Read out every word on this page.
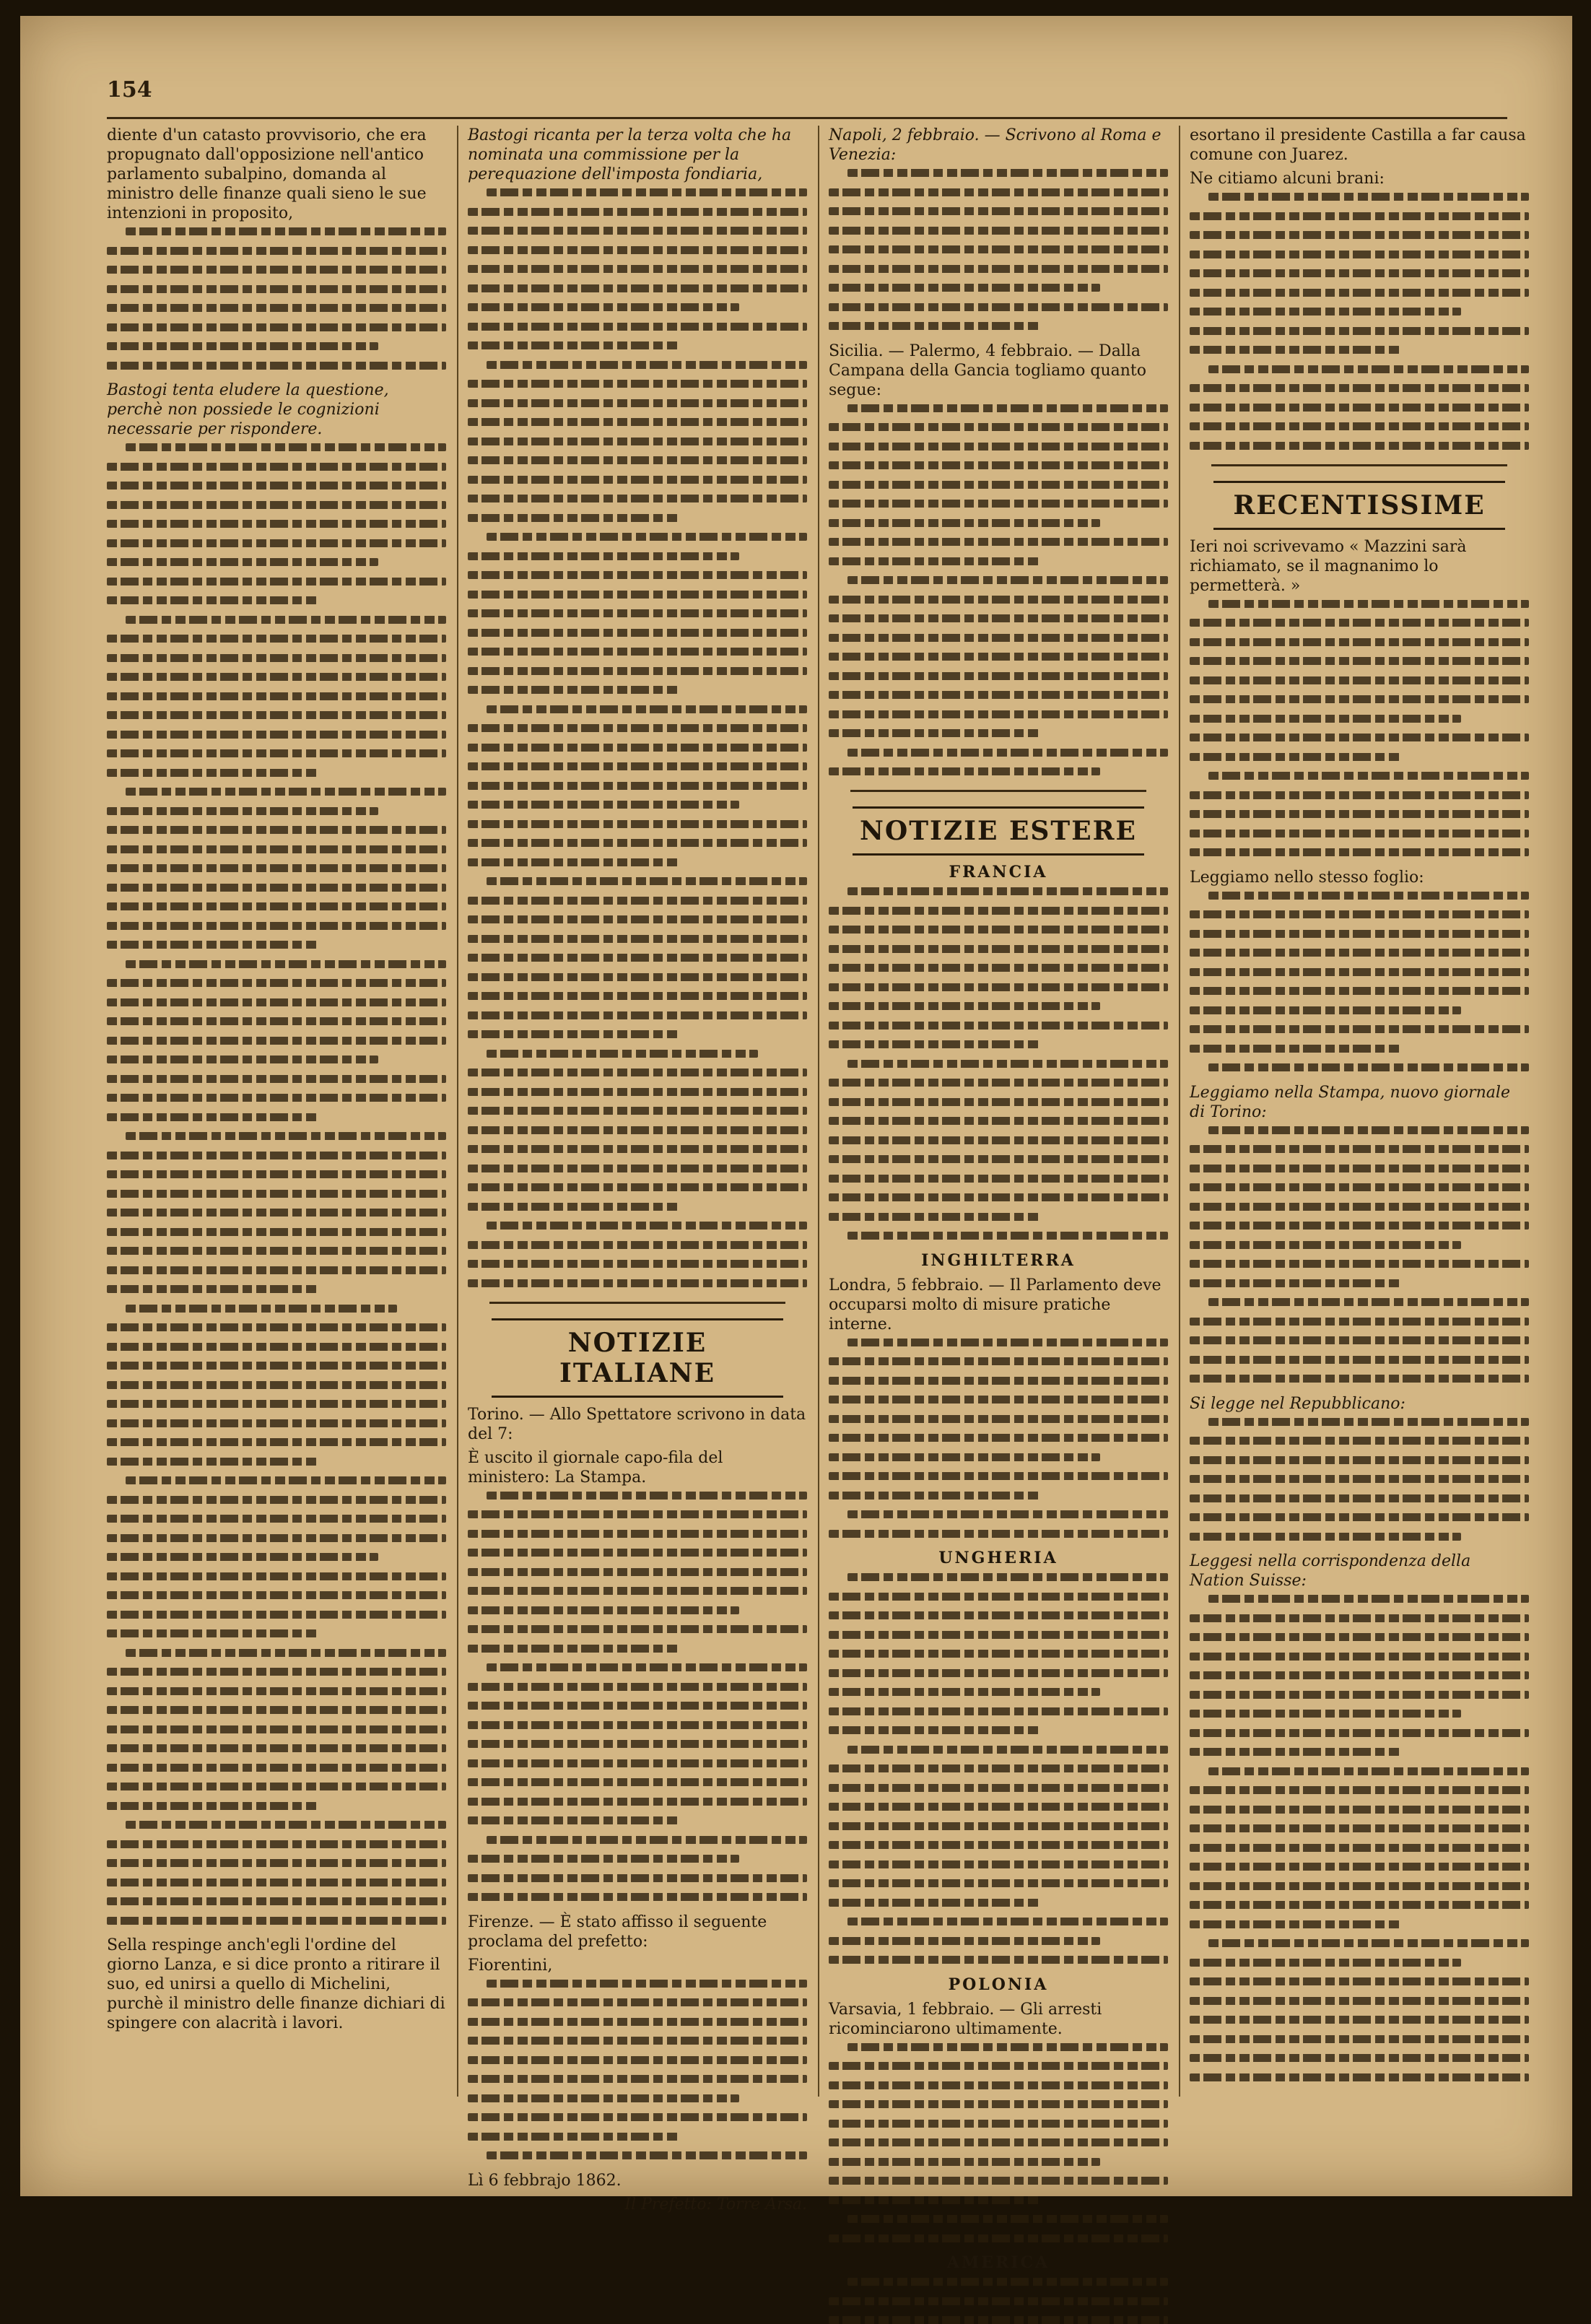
154
diente d'un catasto provvisorio, che era propugnato dall'opposizione nell'antico parlamento subalpino, domanda al ministro delle finanze quali sieno le sue intenzioni in proposito,
Bastogi tenta eludere la questione, perchè non possiede le cognizioni necessarie per rispondere.
Sella respinge anch'egli l'ordine del giorno Lanza, e si dice pronto a ritirare il suo, ed unirsi a quello di Michelini, purchè il ministro delle finanze dichiari di spingere con alacrità i lavori.
Bastogi ricanta per la terza volta che ha nominata una commissione per la perequazione dell'imposta fondiaria,
NOTIZIE ITALIANE
Torino. — Allo Spettatore scrivono in data del 7:
È uscito il giornale capo-fila del ministero: La Stampa.
Firenze. — È stato affisso il seguente proclama del prefetto:
Fiorentini,
Lì 6 febbrajo 1862.
Il Prefetto: Torre Arsa.
Napoli, 2 febbraio. — Scrivono al Roma e Venezia:
Sicilia. — Palermo, 4 febbraio. — Dalla Campana della Gancia togliamo quanto segue:
NOTIZIE ESTERE
FRANCIA
INGHILTERRA
Londra, 5 febbraio. — Il Parlamento deve occuparsi molto di misure pratiche interne.
UNGHERIA
POLONIA
Varsavia, 1 febbraio. — Gli arresti ricominciarono ultimamente.
AMERICA
esortano il presidente Castilla a far causa comune con Juarez.
Ne citiamo alcuni brani:
RECENTISSIME
Ieri noi scrivevamo « Mazzini sarà richiamato, se il magnanimo lo permetterà. »
Leggiamo nello stesso foglio:
Leggiamo nella Stampa, nuovo giornale di Torino:
Si legge nel Repubblicano:
Leggesi nella corrispondenza della Nation Suisse:
